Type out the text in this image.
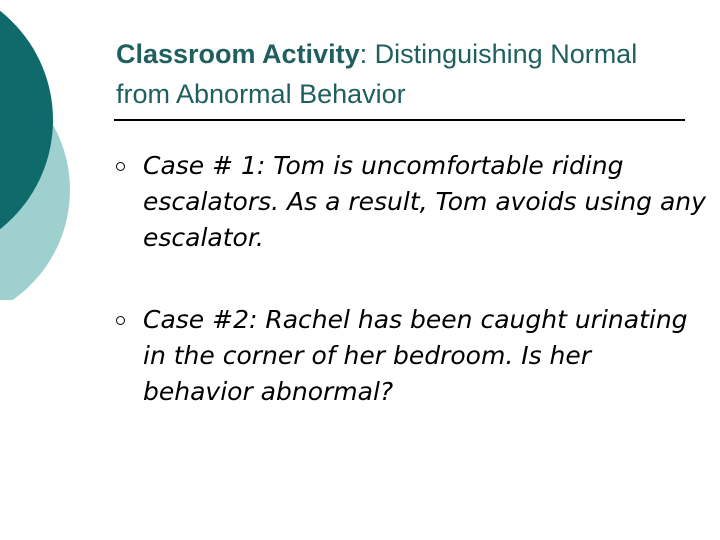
Classroom Activity: Distinguishing Normal from Abnormal Behavior
Case # 1: Tom is uncomfortable riding escalators. As a result, Tom avoids using any escalator.
Case #2: Rachel has been caught urinating in the corner of her bedroom. Is her behavior abnormal?
